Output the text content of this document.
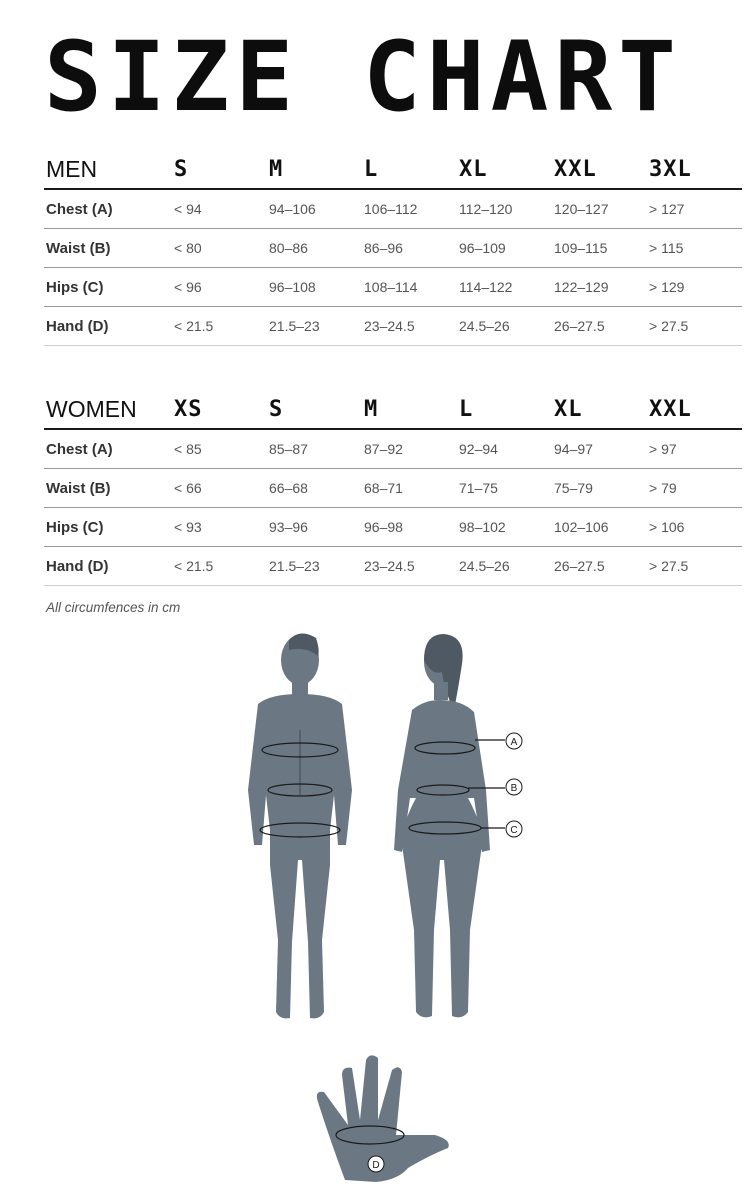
SIZE CHART
MEN	S	M	L	XL	XXL	3XL
Chest (A)	< 94	94–106	106–112	112–120	120–127	> 127
Waist (B)	< 80	80–86	86–96	96–109	109–115	> 115
Hips (C)	< 96	96–108	108–114	114–122	122–129	> 129
Hand (D)	< 21.5	21.5–23	23–24.5	24.5–26	26–27.5	> 27.5
WOMEN	XS	S	M	L	XL	XXL
Chest (A)	< 85	85–87	87–92	92–94	94–97	> 97
Waist (B)	< 66	66–68	68–71	71–75	75–79	> 79
Hips (C)	< 93	93–96	96–98	98–102	102–106	> 106
Hand (D)	< 21.5	21.5–23	23–24.5	24.5–26	26–27.5	> 27.5

All circumfences in cm

A
B
C
D
